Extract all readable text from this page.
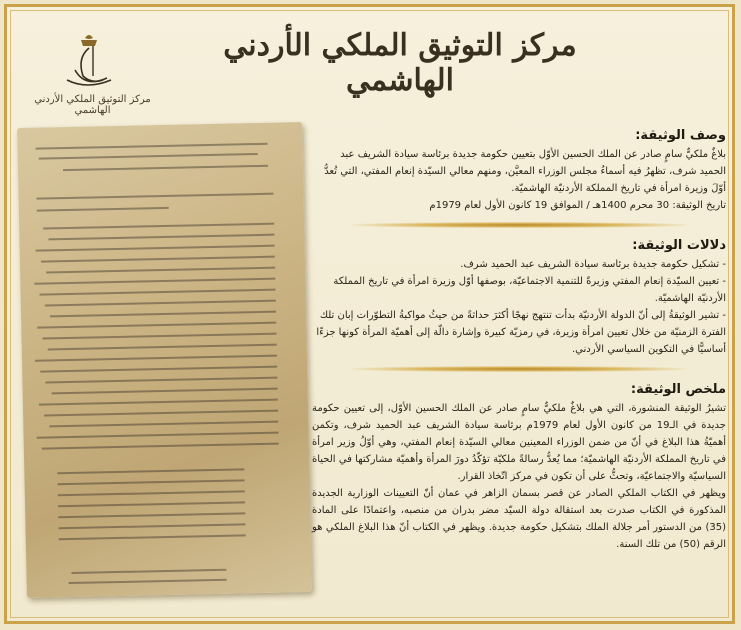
مركز التوثيق الملكي الأردني الهاشمي
مركز التوثيق الملكي الأردني الهاشمي
وصف الوثيقة:

بلاغٌ ملكيٌّ سامٍ صادر عن الملك الحسين الأوّل بتعيين حكومة جديدة برئاسة سيادة الشريف عبد الحميد شرف، تظهرُ فيه أسماءُ مجلس الوزراء المعيَّن، ومنهم معالي السيّدة إنعام المفتي، التي تُعدُّ أوّلَ وزيرة امرأة في تاريخ المملكة الأردنيّة الهاشميّة.

تاريخ الوثيقة: 30 محرم 1400هـ / الموافق 19 كانون الأول لعام 1979م

دلالات الوثيقة:

- تشكيل حكومة جديدة برئاسة سيادة الشريف عبد الحميد شرف.

- تعيين السيّدة إنعام المفتي وزيرةً للتنمية الاجتماعيّة، بوصفها أوّل وزيرة امرأة في تاريخ المملكة الأردنيّة الهاشميّة.

- تشير الوثيقةُ إلى أنّ الدولة الأردنيّة بدأت تنتهج نهجًا أكثرَ حداثةً من حيثُ مواكبةُ التطوّرات إبان تلك الفترة الزمنيّة من خلال تعيين امرأة وزيرة، في رمزيّة كبيرة وإشارة دالّة إلى أهميّة المرأة كونها جزءًا أساسيًّا في التكوين السياسي الأردني.

ملخص الوثيقة:

تشيرُ الوثيقة المنشورة، التي هي بلاغٌ ملكيٌّ سامٍ صادر عن الملك الحسين الأوّل، إلى تعيين حكومة جديدة في الـ19 من كانون الأول لعام 1979م برئاسة سيادة الشريف عبد الحميد شرف، وتكمن أهميّةُ هذا البلاغ في أنّ من ضمن الوزراء المعينين معالي السيّدة إنعام المفتي، وهي أوّلُ وزير امرأة في تاريخ المملكة الأردنيّة الهاشميّة؛ مما يُعدُّ رسالةً ملكيّة تؤكّدُ دورَ المرأة وأهميّة مشاركتها في الحياة السياسيّة والاجتماعيّة، وتحثُّ على أن تكون في مركز اتّخاذ القرار.

ويظهر في الكتاب الملكي الصادر عن قصر بسمان الزاهر في عمان أنّ التعيينات الوزارية الجديدة المذكورة في الكتاب صدرت بعد استقالة دولة السيّد مضر بدران من منصبه، واعتمادًا على المادة (35) من الدستور أمر جلالة الملك بتشكيل حكومة جديدة. ويظهر في الكتاب أنّ هذا البلاغ الملكي هو الرقم (50) من تلك السنة.
